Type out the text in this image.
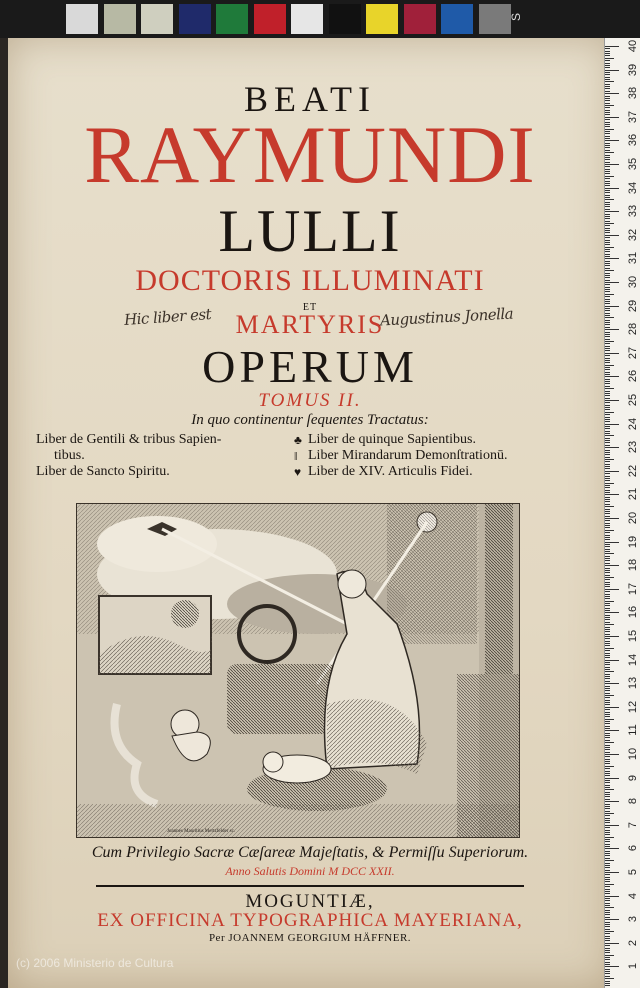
S
BEATI
RAYMUNDI
LULLI
DOCTORIS ILLUMINATI
ET
MARTYRIS
OPERUM
TOMUS II.
In quo continentur ſequentes Tractatus:
Liber de Gentili & tribus Sapien-
tibus.
Liber de Sancto Spiritu.
♣
‖
♥
Liber de quinque Sapientibus.
Liber Mirandarum Demonſtrationū.
Liber de XIV. Articulis Fidei.
Hic liber est	Augustinus Jonella
Cum Privilegio Sacræ Cæſareæ Majeſtatis, & Permiſſu Superiorum.
Anno Salutis Domini M DCC XXII.
MOGUNTIÆ,
EX OFFICINA TYPOGRAPHICA MAYERIANA,
Per JOANNEM GEORGIUM HÄFFNER.
Joannes Mauritius Mertzfelder sc.
40
39
38
37
36
35
34
33
32
31
30
29
28
27
26
25
24
23
22
21
20
19
18
17
16
15
14
13
12
11
10
9
8
7
6
5
4
3
2
1
(c) 2006 Ministerio de Cultura
